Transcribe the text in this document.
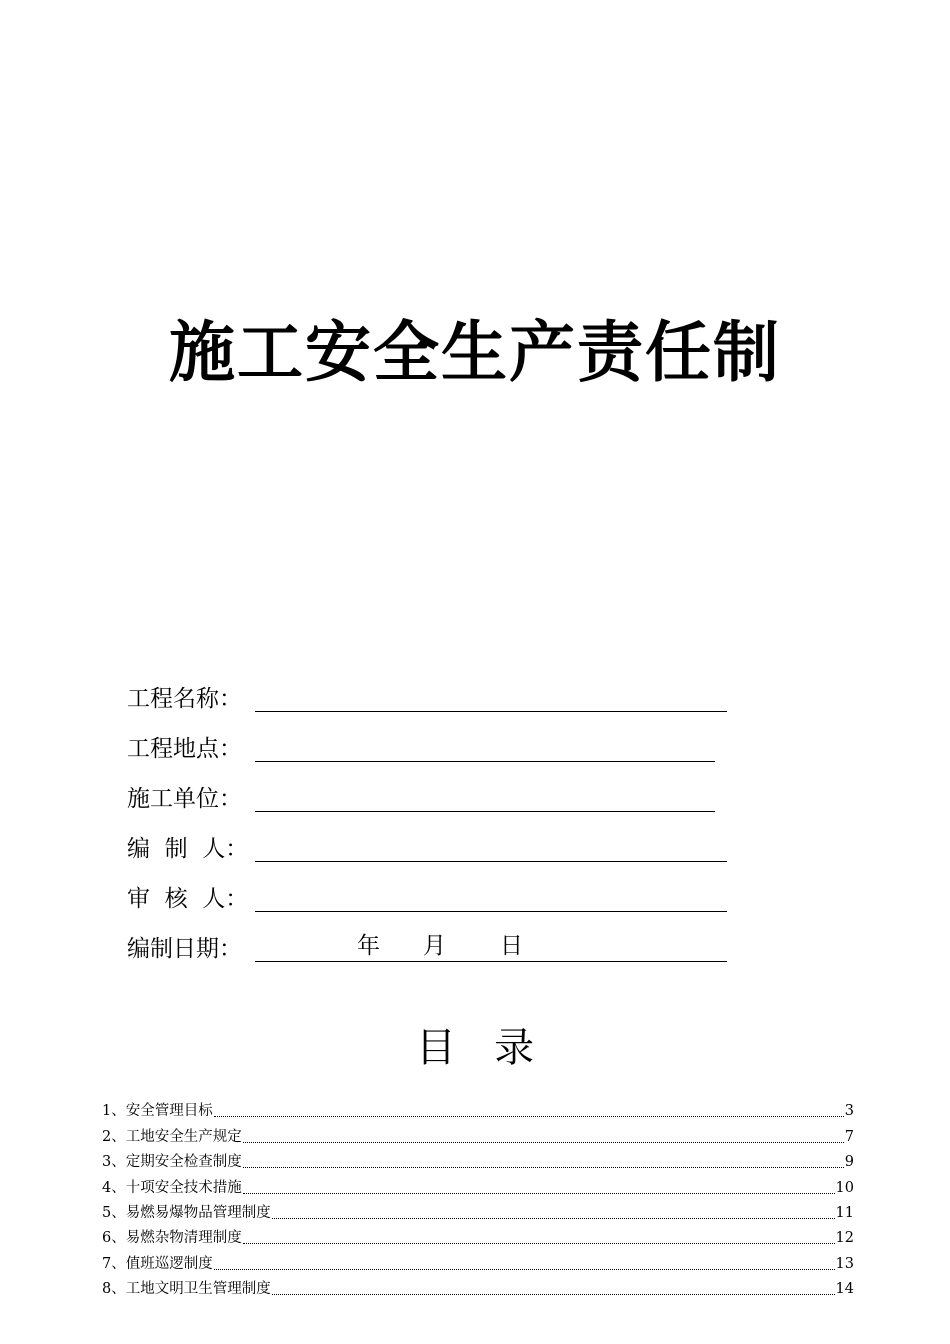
施工安全生产责任制
工程名称：
工程地点：
施工单位：
编  制  人：
审  核  人：
编制日期：	年 月 日
目   录
1、安全管理目标	3
2、工地安全生产规定	7
3、定期安全检查制度	9
4、十项安全技术措施	10
5、易燃易爆物品管理制度	11
6、易燃杂物清理制度	12
7、值班巡逻制度	13
8、工地文明卫生管理制度	14
